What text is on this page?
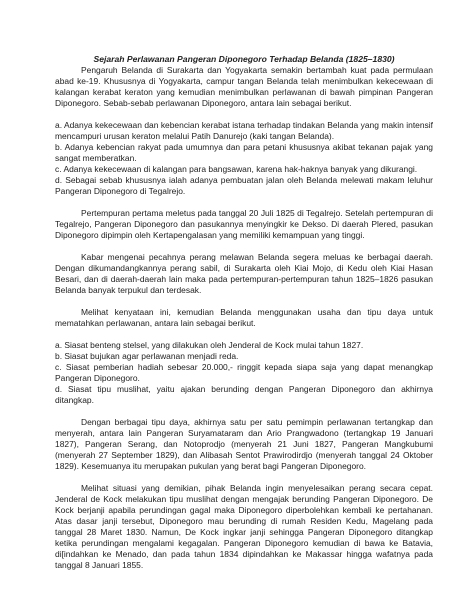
Sejarah Perlawanan Pangeran Diponegoro Terhadap Belanda (1825–1830)

Pengaruh Belanda di Surakarta dan Yogyakarta semakin bertambah kuat pada permulaan abad ke-19. Khususnya di Yogyakarta, campur tangan Belanda telah menimbulkan kekecewaan di kalangan kerabat keraton yang kemudian menimbulkan perlawanan di bawah pimpinan Pangeran Diponegoro. Sebab-sebab perlawanan Diponegoro, antara lain sebagai berikut.

a. Adanya kekecewaan dan kebencian kerabat istana terhadap tindakan Belanda yang makin intensif mencampuri urusan keraton melalui Patih Danurejo (kaki tangan Belanda).

b. Adanya kebencian rakyat pada umumnya dan para petani khususnya akibat tekanan pajak yang sangat memberatkan.

c. Adanya kekecewaan di kalangan para bangsawan, karena hak-haknya banyak yang dikurangi.

d. Sebagai sebab khususnya ialah adanya pembuatan jalan oleh Belanda melewati makam leluhur Pangeran Diponegoro di Tegalrejo.

Pertempuran pertama meletus pada tanggal 20 Juli 1825 di Tegalrejo. Setelah pertempuran di Tegalrejo, Pangeran Diponegoro dan pasukannya menyingkir ke Dekso. Di daerah Plered, pasukan Diponegoro dipimpin oleh Kertapengalasan yang memiliki kemampuan yang tinggi.

Kabar mengenai pecahnya perang melawan Belanda segera meluas ke berbagai daerah. Dengan dikumandangkannya perang sabil, di Surakarta oleh Kiai Mojo, di Kedu oleh Kiai Hasan Besari, dan di daerah-daerah lain maka pada pertempuran-pertempuran tahun 1825–1826 pasukan Belanda banyak terpukul dan terdesak.

Melihat kenyataan ini, kemudian Belanda menggunakan usaha dan tipu daya untuk mematahkan perlawanan, antara lain sebagai berikut.

a. Siasat benteng stelsel, yang dilakukan oleh Jenderal de Kock mulai tahun 1827.

b. Siasat bujukan agar perlawanan menjadi reda.

c. Siasat pemberian hadiah sebesar 20.000,- ringgit kepada siapa saja yang dapat menangkap Pangeran Diponegoro.

d. Siasat tipu muslihat, yaitu ajakan berunding dengan Pangeran Diponegoro dan akhirnya ditangkap.

Dengan berbagai tipu daya, akhirnya satu per satu pemimpin perlawanan tertangkap dan menyerah, antara lain Pangeran Suryamataram dan Ario Prangwadono (tertangkap 19 Januari 1827), Pangeran Serang, dan Notoprodjo (menyerah 21 Juni 1827, Pangeran Mangkubumi (menyerah 27 September 1829), dan Alibasah Sentot Prawirodirdjo (menyerah tanggal 24 Oktober 1829). Kesemuanya itu merupakan pukulan yang berat bagi Pangeran Diponegoro.

Melihat situasi yang demikian, pihak Belanda ingin menyelesaikan perang secara cepat. Jenderal de Kock melakukan tipu muslihat dengan mengajak berunding Pangeran Diponegoro. De Kock berjanji apabila perundingan gagal maka Diponegoro diperbolehkan kembali ke pertahanan. Atas dasar janji tersebut, Diponegoro mau berunding di rumah Residen Kedu, Magelang pada tanggal 28 Maret 1830. Namun, De Kock ingkar janji sehingga Pangeran Diponegoro ditangkap ketika perundingan mengalami kegagalan. Pangeran Diponegoro kemudian di bawa ke Batavia, di[indahkan ke Menado, dan pada tahun 1834 dipindahkan ke Makassar hingga wafatnya pada tanggal 8 Januari 1855.
